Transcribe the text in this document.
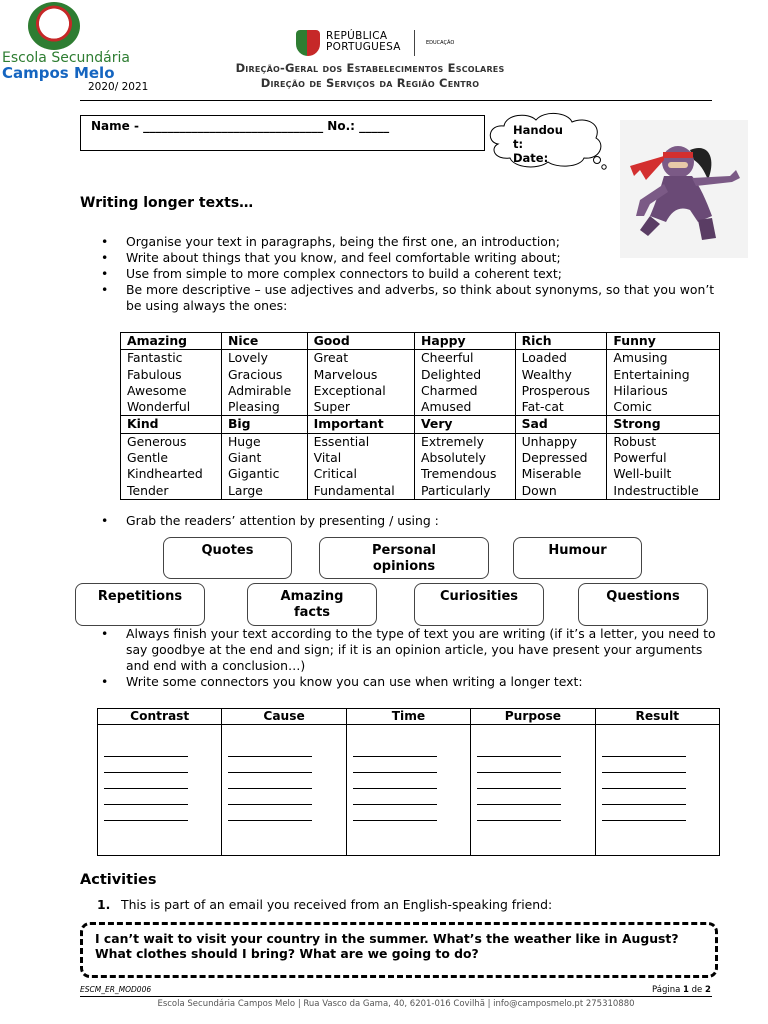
Escola Secundária
Campos Melo
2020/ 2021
REPÚBLICA
PORTUGUESA	EDUCAÇÃO
Direção-Geral dos Estabelecimentos Escolares
Direção de Serviços da Região Centro
Name - ______________________________ No.: _____	Handou
t:
Date:
Writing longer texts…
• Organise your text in paragraphs, being the first one, an introduction;
• Write about things that you know, and feel comfortable writing about;
• Use from simple to more complex connectors to build a coherent text;
• Be more descriptive – use adjectives and adverbs, so think about synonyms, so that you won’t be using always the ones:
Amazing	Nice	Good	Happy	Rich	Funny
Fantastic	Lovely	Great	Cheerful	Loaded	Amusing
Fabulous	Gracious	Marvelous	Delighted	Wealthy	Entertaining
Awesome	Admirable	Exceptional	Charmed	Prosperous	Hilarious
Wonderful	Pleasing	Super	Amused	Fat-cat	Comic
Kind	Big	Important	Very	Sad	Strong
Generous	Huge	Essential	Extremely	Unhappy	Robust
Gentle	Giant	Vital	Absolutely	Depressed	Powerful
Kindhearted	Gigantic	Critical	Tremendous	Miserable	Well-built
Tender	Large	Fundamental	Particularly	Down	Indestructible
• Grab the readers’ attention by presenting / using :
Quotes	Personal
opinions
Humour
Repetitions	Amazing
facts
Curiosities	Questions
• Always finish your text according to the type of text you are writing (if it’s a letter, you need to say goodbye at the end and sign; if it is an opinion article, you have present your arguments and end with a conclusion…)
• Write some connectors you know you can use when writing a longer text:
Contrast	Cause	Time	Purpose	Result

Activities
1. This is part of an email you received from an English-speaking friend:
I can’t wait to visit your country in the summer. What’s the weather like in August?
What clothes should I bring? What are we going to do?
ESCM_ER_MOD006	Página 1 de 2
Escola Secundária Campos Melo | Rua Vasco da Gama, 40, 6201-016 Covilhã | info@camposmelo.pt 275310880
